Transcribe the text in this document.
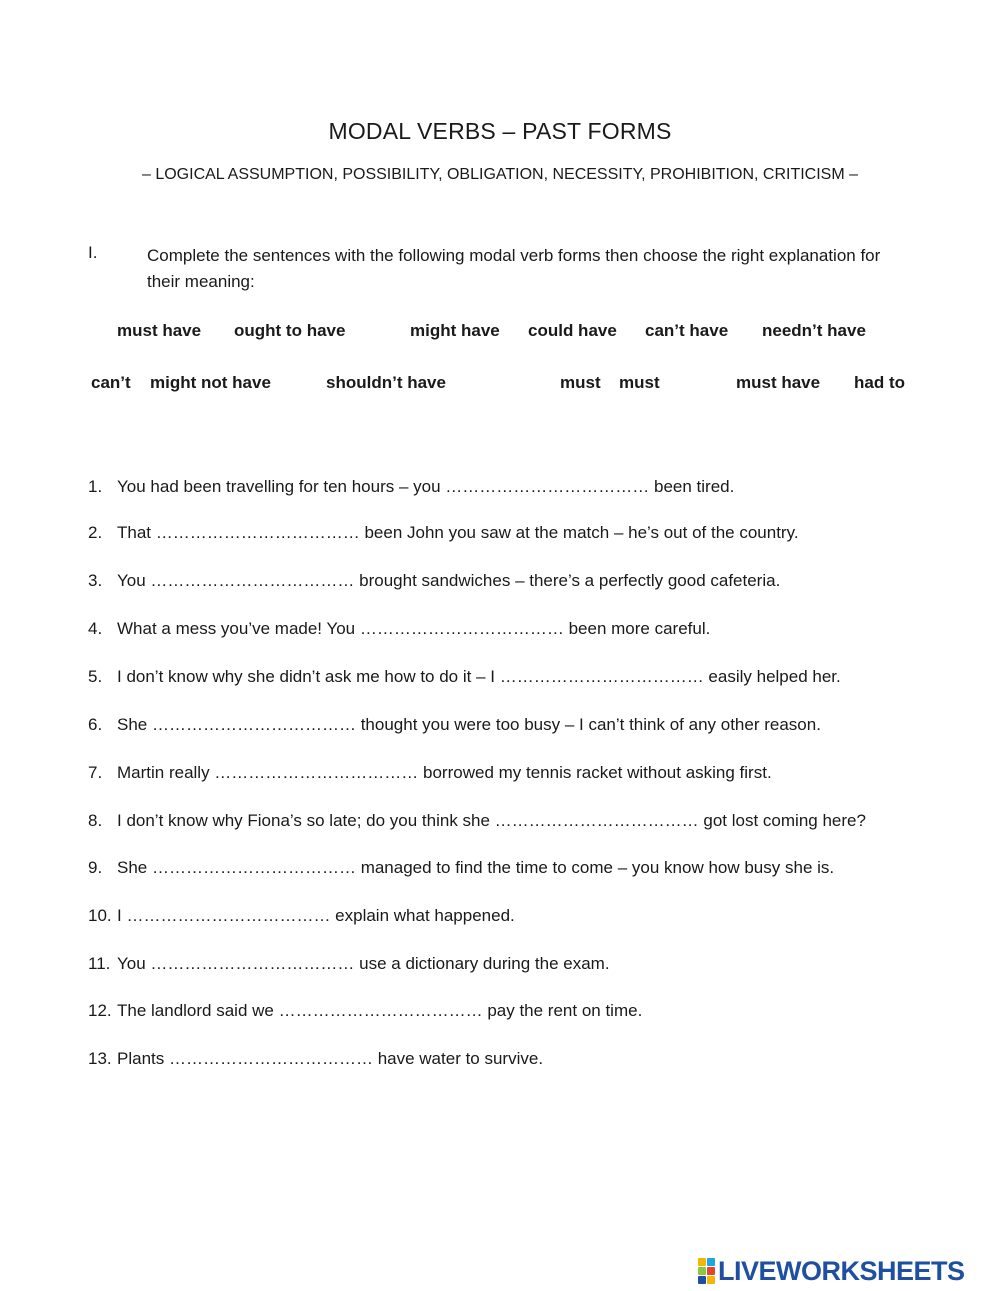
MODAL VERBS – PAST FORMS
– LOGICAL ASSUMPTION, POSSIBILITY, OBLIGATION, NECESSITY, PROHIBITION, CRITICISM –
I.	Complete the sentences with the following modal verb forms then choose the right explanation for their meaning:
must have ought to have	might have could have can’t have needn’t have
can’t might not have	shouldn’t have	must must	must have had to
1. You had been travelling for ten hours – you ……………………………… been tired.
2. That ……………………………… been John you saw at the match – he’s out of the country.
3. You ……………………………… brought sandwiches – there’s a perfectly good cafeteria.
4. What a mess you’ve made! You ……………………………… been more careful.
5. I don’t know why she didn’t ask me how to do it – I ……………………………… easily helped her.
6. She ……………………………… thought you were too busy – I can’t think of any other reason.
7. Martin really ……………………………… borrowed my tennis racket without asking first.
8. I don’t know why Fiona’s so late; do you think she ……………………………… got lost coming here?
9. She ……………………………… managed to find the time to come – you know how busy she is.
10. I ……………………………… explain what happened.
11. You ……………………………… use a dictionary during the exam.
12. The landlord said we ……………………………… pay the rent on time.
13. Plants ……………………………… have water to survive.
LIVEWORKSHEETS
